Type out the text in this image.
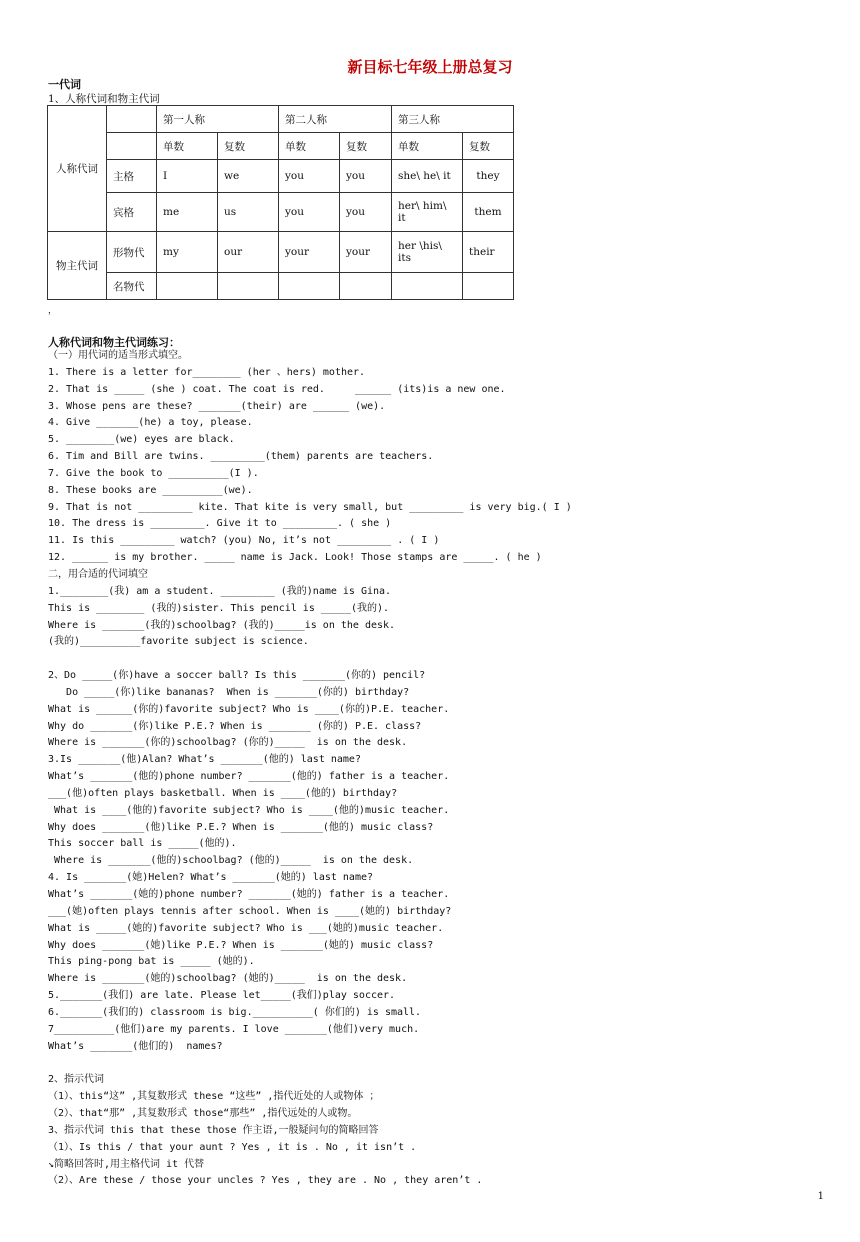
新目标七年级上册总复习
一代词
1、人称代词和物主代词
人称代词		第一人称		第二人称		第三人称	
		单数	复数	单数	复数	单数	复数
	主格	I	we	you	you	she\ he\ it	they
	宾格	me	us	you	you	her\ him\ it	them
物主代词	形物代	my	our	your	your	her \his\ its	their
	名物代						
，
人称代词和物主代词练习：
（一）用代词的适当形式填空。
1. There is a letter for________ (her 、hers) mother.
2. That is _____ (she ) coat. The coat is red.     ______ (its)is a new one.
3. Whose pens are these? _______(their) are ______ (we).
4. Give _______(he) a toy, please.
5. ________(we) eyes are black.
6. Tim and Bill are twins. _________(them) parents are teachers.
7. Give the book to __________(I ).
8. These books are __________(we).
9. That is not _________ kite. That kite is very small, but _________ is very big.( I )
10. The dress is _________. Give it to _________. ( she )
11. Is this _________ watch? (you) No, it’s not _________ . ( I )
12. ______ is my brother. _____ name is Jack. Look! Those stamps are _____. ( he )
二，用合适的代词填空
1.________(我) am a student. _________ (我的)name is Gina.
This is ________ (我的)sister. This pencil is _____(我的).
Where is _______(我的)schoolbag? (我的)_____is on the desk.
(我的)__________favorite subject is science.
2、Do _____(你)have a soccer ball? Is this _______(你的) pencil?
Do _____(你)like bananas?  When is _______(你的) birthday?
What is ______(你的)favorite subject? Who is ____(你的)P.E. teacher.
Why do _______(你)like P.E.? When is _______ (你的) P.E. class?
Where is _______(你的)schoolbag? (你的)_____  is on the desk.
3.Is _______(他)Alan? What’s _______(他的) last name?
What’s _______(他的)phone number? _______(他的) father is a teacher.
___(他)often plays basketball. When is ____(他的) birthday?
What is ____(他的)favorite subject? Who is ____(他的)music teacher.
Why does _______(他)like P.E.? When is _______(他的) music class?
This soccer ball is _____(他的).
Where is _______(他的)schoolbag? (他的)_____  is on the desk.
4. Is _______(她)Helen? What’s _______(她的) last name?
What’s _______(她的)phone number? _______(她的) father is a teacher.
___(她)often plays tennis after school. When is ____(她的) birthday?
What is _____(她的)favorite subject? Who is ___(她的)music teacher.
Why does _______(她)like P.E.? When is _______(她的) music class?
This ping-pong bat is _____ (她的).
Where is _______(她的)schoolbag? (她的)_____  is on the desk.
5._______(我们) are late. Please let_____(我们)play soccer.
6._______(我们的) classroom is big.__________( 你们的) is small.
7__________(他们)are my parents. I love _______(他们)very much.
What’s _______(他们的)  names?
2、指示代词
（1）、this“这” ,其复数形式 these “这些” ,指代近处的人或物体 ；
（2）、that“那” ,其复数形式 those“那些” ,指代远处的人或物。
3、指示代词 this that these those 作主语,一般疑问句的简略回答
（1）、Is this / that your aunt ? Yes , it is . No , it isn’t .
↘简略回答时,用主格代词 it 代替
（2）、Are these / those your uncles ? Yes , they are . No , they aren’t .
1
